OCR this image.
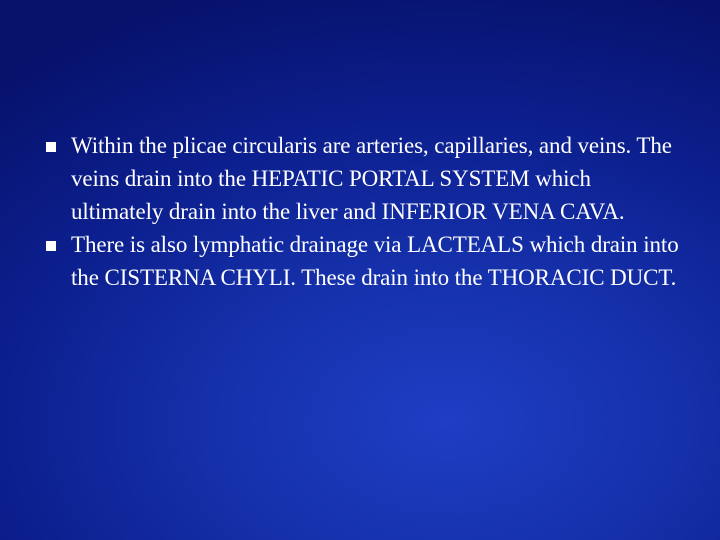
Within the plicae circularis are arteries, capillaries, and veins. The veins drain into the HEPATIC PORTAL SYSTEM which ultimately drain into the liver and INFERIOR VENA CAVA.
There is also lymphatic drainage via LACTEALS which drain into the CISTERNA CHYLI. These drain into the THORACIC DUCT.
